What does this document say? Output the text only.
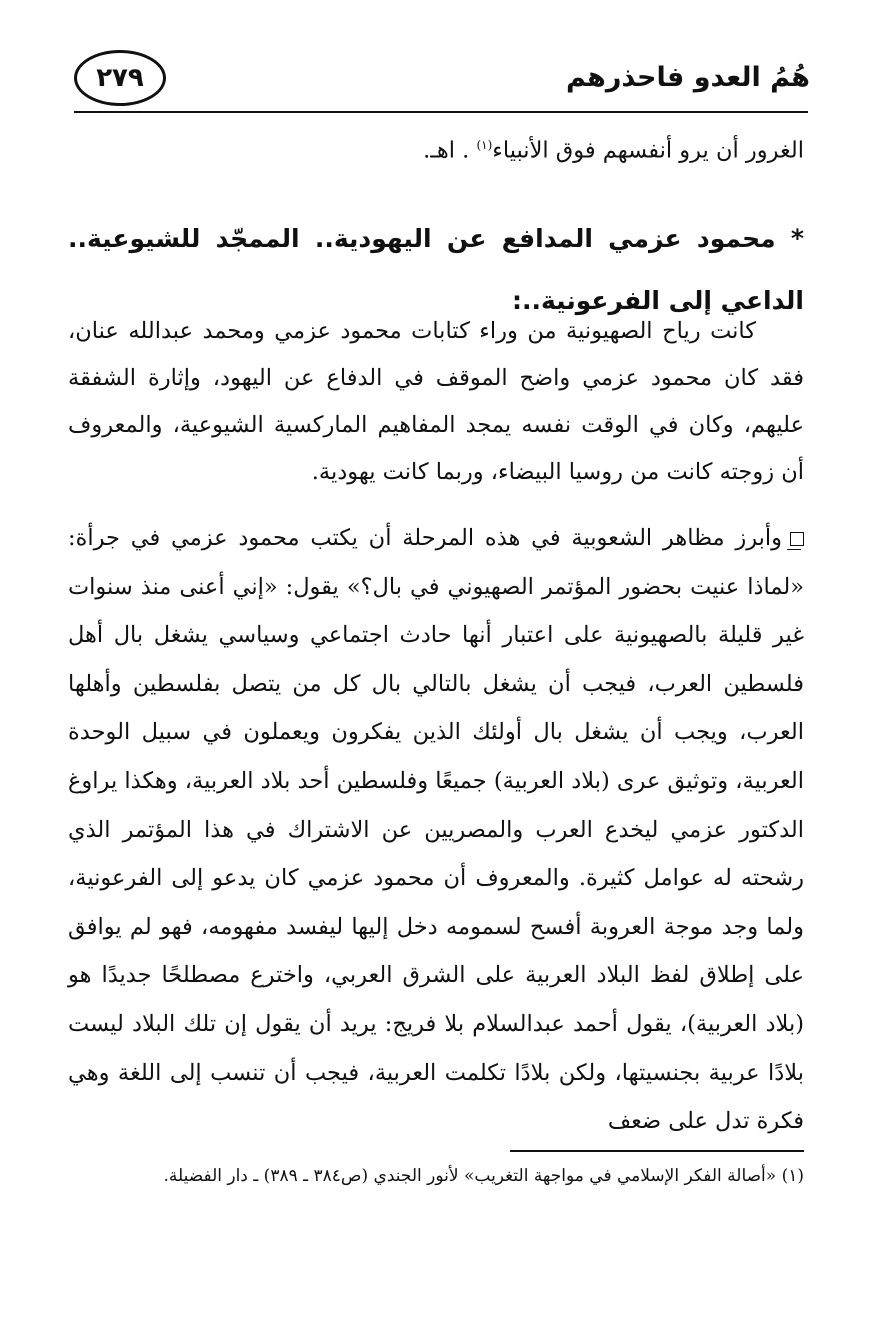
٢٧٩	هُمُ العدو فاحذرهم
الغرور أن يرو أنفسهم فوق الأنبياء$^{(١)}$ . اهـ.
* محمود عزمي المدافع عن اليهودية.. الممجّد للشيوعية.. الداعي إلى الفرعونية..:
كانت رياح الصهيونية من وراء كتابات محمود عزمي ومحمد عبدالله عنان، فقد كان محمود عزمي واضح الموقف في الدفاع عن اليهود، وإثارة الشفقة عليهم، وكان في الوقت نفسه يمجد المفاهيم الماركسية الشيوعية، والمعروف أن زوجته كانت من روسيا البيضاء، وربما كانت يهودية.
وأبرز مظاهر الشعوبية في هذه المرحلة أن يكتب محمود عزمي في جرأة: «لماذا عنيت بحضور المؤتمر الصهيوني في بال؟» يقول: «إني أعنى منذ سنوات غير قليلة بالصهيونية على اعتبار أنها حادث اجتماعي وسياسي يشغل بال أهل فلسطين العرب، فيجب أن يشغل بالتالي بال كل من يتصل بفلسطين وأهلها العرب، ويجب أن يشغل بال أولئك الذين يفكرون ويعملون في سبيل الوحدة العربية، وتوثيق عرى (بلاد العربية) جميعًا وفلسطين أحد بلاد العربية، وهكذا يراوغ الدكتور عزمي ليخدع العرب والمصريين عن الاشتراك في هذا المؤتمر الذي رشحته له عوامل كثيرة. والمعروف أن محمود عزمي كان يدعو إلى الفرعونية، ولما وجد موجة العروبة أفسح لسمومه دخل إليها ليفسد مفهومه، فهو لم يوافق على إطلاق لفظ البلاد العربية على الشرق العربي، واخترع مصطلحًا جديدًا هو (بلاد العربية)، يقول أحمد عبدالسلام بلا فريج: يريد أن يقول إن تلك البلاد ليست بلادًا عربية بجنسيتها، ولكن بلادًا تكلمت العربية، فيجب أن تنسب إلى اللغة وهي فكرة تدل على ضعف
(١) «أصالة الفكر الإسلامي في مواجهة التغريب» لأنور الجندي (ص٣٨٤ ـ ٣٨٩) ـ دار الفضيلة.
